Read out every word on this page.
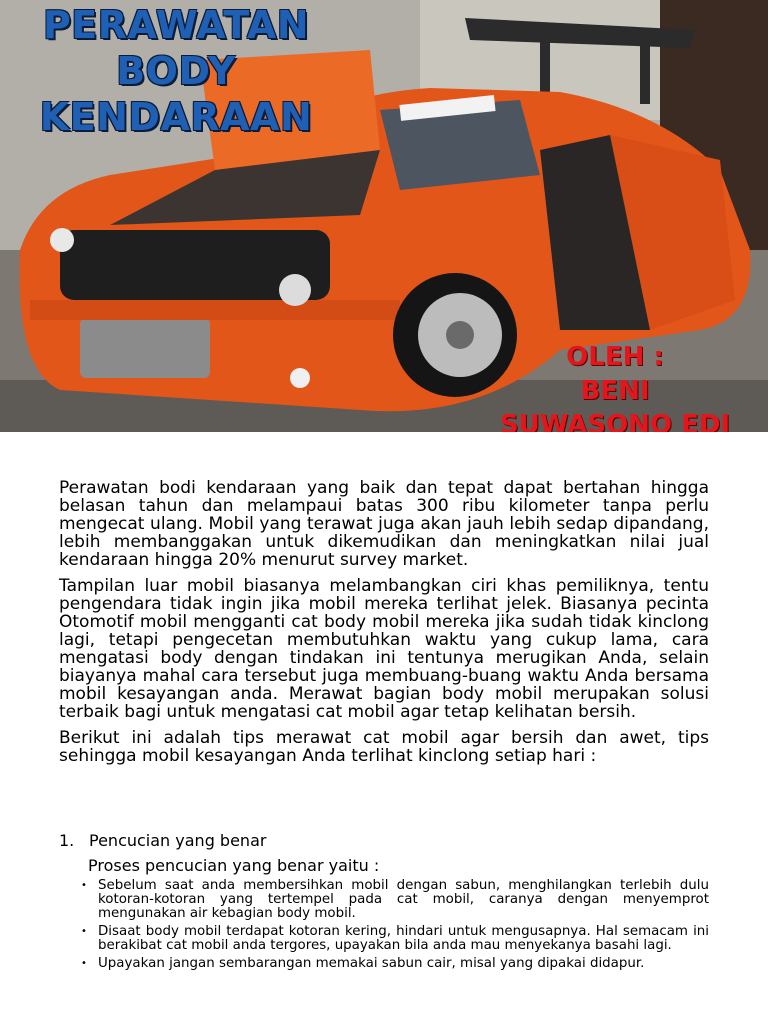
PERAWATAN
BODY
KENDARAAN
OLEH :
BENI
SUWASONO EDI

Perawatan bodi kendaraan yang baik dan tepat dapat bertahan hingga belasan tahun dan melampaui batas 300 ribu kilometer tanpa perlu mengecat ulang. Mobil yang terawat juga akan jauh lebih sedap dipandang, lebih membanggakan untuk dikemudikan dan meningkatkan nilai jual kendaraan hingga 20% menurut survey market.

Tampilan luar mobil biasanya melambangkan ciri khas pemiliknya, tentu pengendara tidak ingin jika mobil mereka terlihat jelek. Biasanya pecinta Otomotif mobil mengganti cat body mobil mereka jika sudah tidak kinclong lagi, tetapi pengecetan membutuhkan waktu yang cukup lama, cara mengatasi body dengan tindakan ini tentunya merugikan Anda, selain biayanya mahal cara tersebut juga membuang-buang waktu Anda bersama mobil kesayangan anda. Merawat bagian body mobil merupakan solusi terbaik bagi untuk mengatasi cat mobil agar tetap kelihatan bersih.

Berikut ini adalah tips merawat cat mobil agar bersih dan awet, tips sehingga mobil kesayangan Anda terlihat kinclong setiap hari :

1. Pencucian yang benar
Proses pencucian yang benar yaitu :
• Sebelum saat anda membersihkan mobil dengan sabun, menghilangkan terlebih dulu kotoran-kotoran yang tertempel pada cat mobil, caranya dengan menyemprot mengunakan air kebagian body mobil.
• Disaat body mobil terdapat kotoran kering, hindari untuk mengusapnya. Hal semacam ini berakibat cat mobil anda tergores, upayakan bila anda mau menyekanya basahi lagi.
• Upayakan jangan sembarangan memakai sabun cair, misal yang dipakai didapur.
